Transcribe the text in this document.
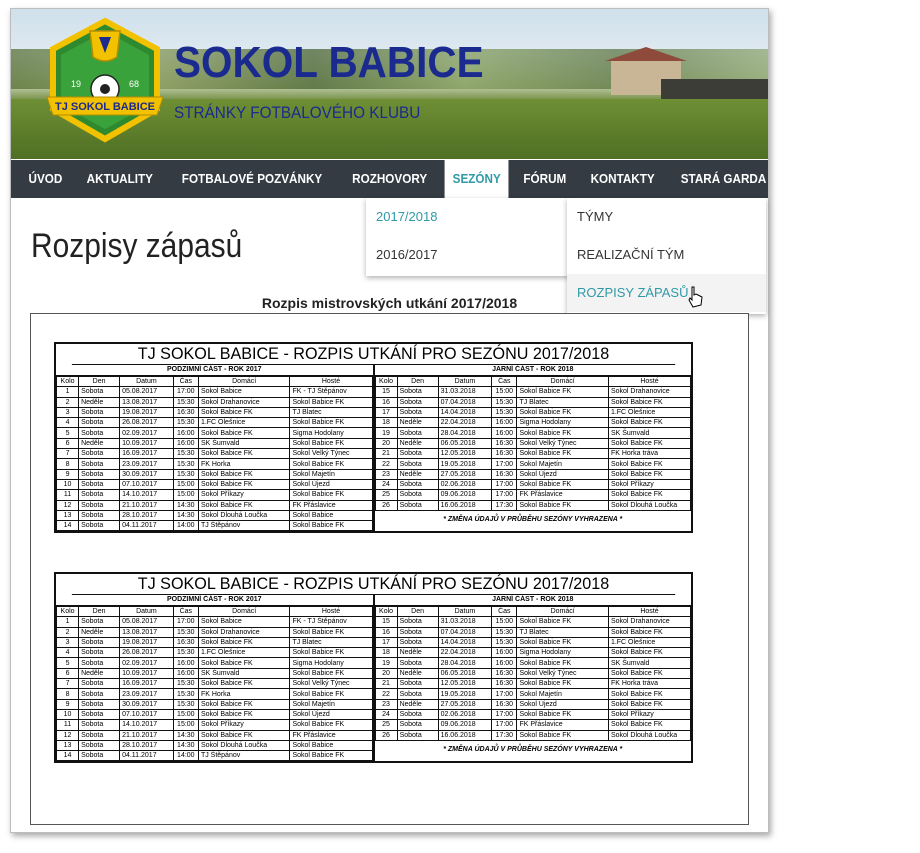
19	68
TJ SOKOL BABICE
SOKOL BABICE
STRÁNKY FOTBALOVÉHO KLUBU
ÚVOD	AKTUALITY	FOTBALOVÉ POZVÁNKY	ROZHOVORY	SEZÓNY	FÓRUM	KONTAKTY	STARÁ GARDA	STANOVY	AREÁL
Rozpisy zápasů
2017/2018
2016/2017
TÝMY
REALIZAČNÍ TÝM
ROZPISY ZÁPASŮ
Rozpis mistrovských utkání 2017/2018
TJ SOKOL BABICE - ROZPIS UTKÁNÍ PRO SEZÓNU 2017/2018
PODZIMNÍ ČÁST - ROK 2017
Kolo	Den	Datum	Čas	Domácí	Hosté
1	Sobota	05.08.2017	17:00	Sokol Babice	FK - TJ Štěpánov
2	Neděle	13.08.2017	15:30	Sokol Drahanovice	Sokol Babice FK
3	Sobota	19.08.2017	16:30	Sokol Babice FK	TJ Blatec
4	Sobota	26.08.2017	15:30	1.FC Olešnice	Sokol Babice FK
5	Sobota	02.09.2017	16:00	Sokol Babice FK	Sigma Hodolany
6	Neděle	10.09.2017	16:00	SK Šumvald	Sokol Babice FK
7	Sobota	16.09.2017	15:30	Sokol Babice FK	Sokol Velký Týnec
8	Sobota	23.09.2017	15:30	FK Horka	Sokol Babice FK
9	Sobota	30.09.2017	15:30	Sokol Babice FK	Sokol Majetín
10	Sobota	07.10.2017	15:00	Sokol Babice FK	Sokol Újezd
11	Sobota	14.10.2017	15:00	Sokol Příkazy	Sokol Babice FK
12	Sobota	21.10.2017	14:30	Sokol Babice FK	FK Přáslavice
13	Sobota	28.10.2017	14:30	Sokol Dlouhá Loučka	Sokol Babice
14	Sobota	04.11.2017	14:00	TJ Štěpánov	Sokol Babice FK
JARNÍ ČÁST - ROK 2018
Kolo	Den	Datum	Čas	Domácí	Hosté
15	Sobota	31.03.2018	15:00	Sokol Babice FK	Sokol Drahanovice
16	Sobota	07.04.2018	15:30	TJ Blatec	Sokol Babice FK
17	Sobota	14.04.2018	15:30	Sokol Babice FK	1.FC Olešnice
18	Neděle	22.04.2018	16:00	Sigma Hodolany	Sokol Babice FK
19	Sobota	28.04.2018	16:00	Sokol Babice FK	SK Šumvald
20	Neděle	06.05.2018	16:30	Sokol Velký Týnec	Sokol Babice FK
21	Sobota	12.05.2018	16:30	Sokol Babice FK	FK Horka tráva
22	Sobota	19.05.2018	17:00	Sokol Majetín	Sokol Babice FK
23	Neděle	27.05.2018	16:30	Sokol Újezd	Sokol Babice FK
24	Sobota	02.06.2018	17:00	Sokol Babice FK	Sokol Příkazy
25	Sobota	09.06.2018	17:00	FK Přáslavice	Sokol Babice FK
26	Sobota	16.06.2018	17:30	Sokol Babice FK	Sokol Dlouhá Loučka
* ZMĚNA ÚDAJŮ V PRŮBĚHU SEZÓNY VYHRAZENA *					
TJ SOKOL BABICE - ROZPIS UTKÁNÍ PRO SEZÓNU 2017/2018
PODZIMNÍ ČÁST - ROK 2017
Kolo	Den	Datum	Čas	Domácí	Hosté
1	Sobota	05.08.2017	17:00	Sokol Babice	FK - TJ Štěpánov
2	Neděle	13.08.2017	15:30	Sokol Drahanovice	Sokol Babice FK
3	Sobota	19.08.2017	16:30	Sokol Babice FK	TJ Blatec
4	Sobota	26.08.2017	15:30	1.FC Olešnice	Sokol Babice FK
5	Sobota	02.09.2017	16:00	Sokol Babice FK	Sigma Hodolany
6	Neděle	10.09.2017	16:00	SK Šumvald	Sokol Babice FK
7	Sobota	16.09.2017	15:30	Sokol Babice FK	Sokol Velký Týnec
8	Sobota	23.09.2017	15:30	FK Horka	Sokol Babice FK
9	Sobota	30.09.2017	15:30	Sokol Babice FK	Sokol Majetín
10	Sobota	07.10.2017	15:00	Sokol Babice FK	Sokol Újezd
11	Sobota	14.10.2017	15:00	Sokol Příkazy	Sokol Babice FK
12	Sobota	21.10.2017	14:30	Sokol Babice FK	FK Přáslavice
13	Sobota	28.10.2017	14:30	Sokol Dlouhá Loučka	Sokol Babice
14	Sobota	04.11.2017	14:00	TJ Štěpánov	Sokol Babice FK
JARNÍ ČÁST - ROK 2018
Kolo	Den	Datum	Čas	Domácí	Hosté
15	Sobota	31.03.2018	15:00	Sokol Babice FK	Sokol Drahanovice
16	Sobota	07.04.2018	15:30	TJ Blatec	Sokol Babice FK
17	Sobota	14.04.2018	15:30	Sokol Babice FK	1.FC Olešnice
18	Neděle	22.04.2018	16:00	Sigma Hodolany	Sokol Babice FK
19	Sobota	28.04.2018	16:00	Sokol Babice FK	SK Šumvald
20	Neděle	06.05.2018	16:30	Sokol Velký Týnec	Sokol Babice FK
21	Sobota	12.05.2018	16:30	Sokol Babice FK	FK Horka tráva
22	Sobota	19.05.2018	17:00	Sokol Majetín	Sokol Babice FK
23	Neděle	27.05.2018	16:30	Sokol Újezd	Sokol Babice FK
24	Sobota	02.06.2018	17:00	Sokol Babice FK	Sokol Příkazy
25	Sobota	09.06.2018	17:00	FK Přáslavice	Sokol Babice FK
26	Sobota	16.06.2018	17:30	Sokol Babice FK	Sokol Dlouhá Loučka
* ZMĚNA ÚDAJŮ V PRŮBĚHU SEZÓNY VYHRAZENA *					
